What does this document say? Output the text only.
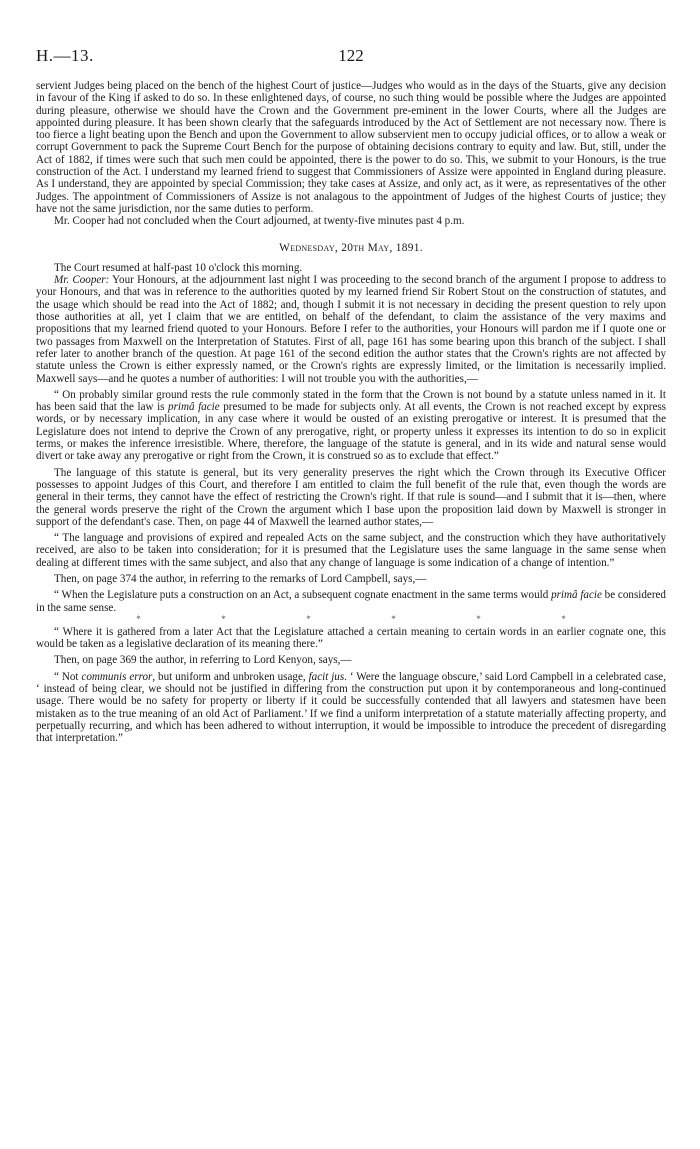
H.—13.	122

servient Judges being placed on the bench of the highest Court of justice—Judges who would as in the days of the Stuarts, give any decision in favour of the King if asked to do so. In these enlightened days, of course, no such thing would be possible where the Judges are appointed during pleasure, otherwise we should have the Crown and the Government pre-eminent in the lower Courts, where all the Judges are appointed during pleasure. It has been shown clearly that the safeguards introduced by the Act of Settlement are not necessary now. There is too fierce a light beating upon the Bench and upon the Government to allow subservient men to occupy judicial offices, or to allow a weak or corrupt Government to pack the Supreme Court Bench for the purpose of obtaining decisions contrary to equity and law. But, still, under the Act of 1882, if times were such that such men could be appointed, there is the power to do so. This, we submit to your Honours, is the true construction of the Act. I understand my learned friend to suggest that Commissioners of Assize were appointed in England during pleasure. As I understand, they are appointed by special Commission; they take cases at Assize, and only act, as it were, as representatives of the other Judges. The appointment of Commissioners of Assize is not analagous to the appointment of Judges of the highest Courts of justice; they have not the same jurisdiction, nor the same duties to perform.

Mr. Cooper had not concluded when the Court adjourned, at twenty-five minutes past 4 p.m.

Wednesday, 20th May, 1891.

The Court resumed at half-past 10 o'clock this morning.

Mr. Cooper: Your Honours, at the adjournment last night I was proceeding to the second branch of the argument I propose to address to your Honours, and that was in reference to the authorities quoted by my learned friend Sir Robert Stout on the construction of statutes, and the usage which should be read into the Act of 1882; and, though I submit it is not necessary in deciding the present question to rely upon those authorities at all, yet I claim that we are entitled, on behalf of the defendant, to claim the assistance of the very maxims and propositions that my learned friend quoted to your Honours. Before I refer to the authorities, your Honours will pardon me if I quote one or two passages from Maxwell on the Interpretation of Statutes. First of all, page 161 has some bearing upon this branch of the subject. I shall refer later to another branch of the question. At page 161 of the second edition the author states that the Crown's rights are not affected by statute unless the Crown is either expressly named, or the Crown's rights are expressly limited, or the limitation is necessarily implied. Maxwell says—and he quotes a number of authorities: I will not trouble you with the authorities,—

“ On probably similar ground rests the rule commonly stated in the form that the Crown is not bound by a statute unless named in it. It has been said that the law is primâ facie presumed to be made for subjects only. At all events, the Crown is not reached except by express words, or by necessary implication, in any case where it would be ousted of an existing prerogative or interest. It is presumed that the Legislature does not intend to deprive the Crown of any prerogative, right, or property unless it expresses its intention to do so in explicit terms, or makes the inference irresistible. Where, therefore, the language of the statute is general, and in its wide and natural sense would divert or take away any prerogative or right from the Crown, it is construed so as to exclude that effect.”

The language of this statute is general, but its very generality preserves the right which the Crown through its Executive Officer possesses to appoint Judges of this Court, and therefore I am entitled to claim the full benefit of the rule that, even though the words are general in their terms, they cannot have the effect of restricting the Crown's right. If that rule is sound—and I submit that it is—then, where the general words preserve the right of the Crown the argument which I base upon the proposition laid down by Maxwell is stronger in support of the defendant's case. Then, on page 44 of Maxwell the learned author states,—

“ The language and provisions of expired and repealed Acts on the same subject, and the construction which they have authoritatively received, are also to be taken into consideration; for it is presumed that the Legislature uses the same language in the same sense when dealing at different times with the same subject, and also that any change of language is some indication of a change of intention.”

Then, on page 374 the author, in referring to the remarks of Lord Campbell, says,—

“ When the Legislature puts a construction on an Act, a subsequent cognate enactment in the same terms would primâ facie be considered in the same sense.

*	*	*	*	*	*

“ Where it is gathered from a later Act that the Legislature attached a certain meaning to certain words in an earlier cognate one, this would be taken as a legislative declaration of its meaning there.”

Then, on page 369 the author, in referring to Lord Kenyon, says,—

“ Not communis error, but uniform and unbroken usage, facit jus. ‘ Were the language obscure,’ said Lord Campbell in a celebrated case, ‘ instead of being clear, we should not be justified in differing from the construction put upon it by contemporaneous and long-continued usage. There would be no safety for property or liberty if it could be successfully contended that all lawyers and statesmen have been mistaken as to the true meaning of an old Act of Parliament.’ If we find a uniform interpretation of a statute materially affecting property, and perpetually recurring, and which has been adhered to without interruption, it would be impossible to introduce the precedent of disregarding that interpretation.”
